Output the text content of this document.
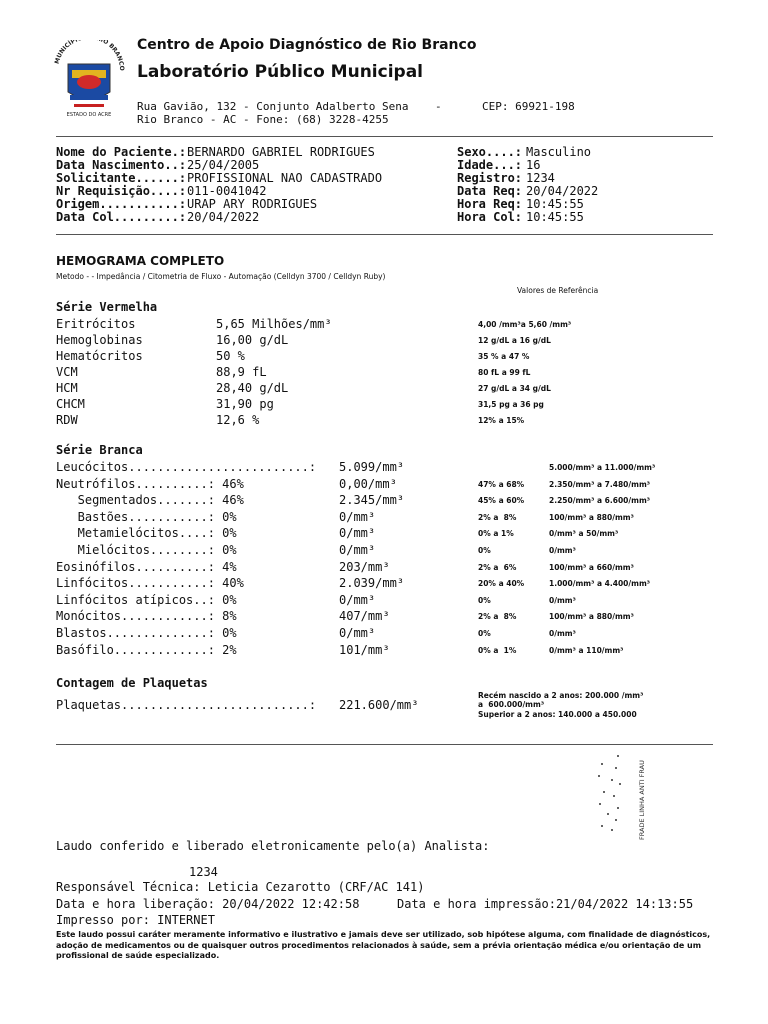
MUNICÍPI IO BRANCO
ESTADO DO ACRE
Centro de Apoio Diagnóstico de Rio Branco
Laboratório Público Municipal
Rua Gavião, 132 - Conjunto Adalberto Sena    -	CEP: 69921-198
Rio Branco - AC - Fone: (68) 3228-4255
Nome do Paciente.: BERNARDO GABRIEL RODRIGUES
Data Nascimento..: 25/04/2005
Solicitante......: PROFISSIONAL NAO CADASTRADO
Nr Requisição....: 011-0041042
Origem...........: URAP ARY RODRIGUES
Data Col.........: 20/04/2022
Sexo....: Masculino
Idade...: 16
Registro: 1234
Data Req: 20/04/2022
Hora Req: 10:45:55
Hora Col: 10:45:55
HEMOGRAMA COMPLETO
Metodo - - Impedância / Citometria de Fluxo - Automação (Celldyn 3700 / Celldyn Ruby)
Valores de Referência
Série Vermelha
Eritrócitos	5,65 Milhões/mm³	4,00 /mm³a 5,60 /mm³
Hemoglobinas	16,00 g/dL	12 g/dL a 16 g/dL
Hematócritos	50 %	35 % a 47 %
VCM	88,9 fL	80 fL a 99 fL
HCM	28,40 g/dL	27 g/dL a 34 g/dL
CHCM	31,90 pg	31,5 pg a 36 pg
RDW	12,6 %	12% a 15%
Série Branca
Leucócitos.........................: 5.099/mm³	5.000/mm³ a 11.000/mm³
Neutrófilos..........: 46%	0,00/mm³	47% a 68%	2.350/mm³ a 7.480/mm³
Segmentados.......: 46%	2.345/mm³	45% a 60%	2.250/mm³ a 6.600/mm³
Bastões...........: 0%	0/mm³	2% a  8%	100/mm³ a 880/mm³
Metamielócitos....: 0%	0/mm³	0% a 1%	0/mm³ a 50/mm³
Mielócitos........: 0%	0/mm³	0%	0/mm³
Eosinófilos..........: 4%	203/mm³	2% a  6%	100/mm³ a 660/mm³
Linfócitos...........: 40%	2.039/mm³	20% a 40%	1.000/mm³ a 4.400/mm³
Linfócitos atípicos..: 0%	0/mm³	0%	0/mm³
Monócitos............: 8%	407/mm³	2% a  8%	100/mm³ a 880/mm³
Blastos..............: 0%	0/mm³	0%	0/mm³
Basófilo.............: 2%	101/mm³	0% a  1%	0/mm³ a 110/mm³
Contagem de Plaquetas
Plaquetas..........................: 221.600/mm³
Recém nascido a 2 anos: 200.000 /mm³
a  600.000/mm³
Superior a 2 anos: 140.000 a 450.000
FRADE LINHA ANTI FRAU
Laudo conferido e liberado eletronicamente pelo(a) Analista:
1234
Responsável Técnica: Leticia Cezarotto (CRF/AC 141)
Data e hora liberação: 20/04/2022 12:42:58	Data e hora impressão:21/04/2022 14:13:55
Impresso por: INTERNET
Este laudo possui caráter meramente informativo e ilustrativo e jamais deve ser utilizado, sob hipótese alguma, com finalidade de diagnósticos, adoção de medicamentos ou de quaisquer outros procedimentos relacionados à saúde, sem a prévia orientação médica e/ou orientação de um profissional de saúde especializado.
